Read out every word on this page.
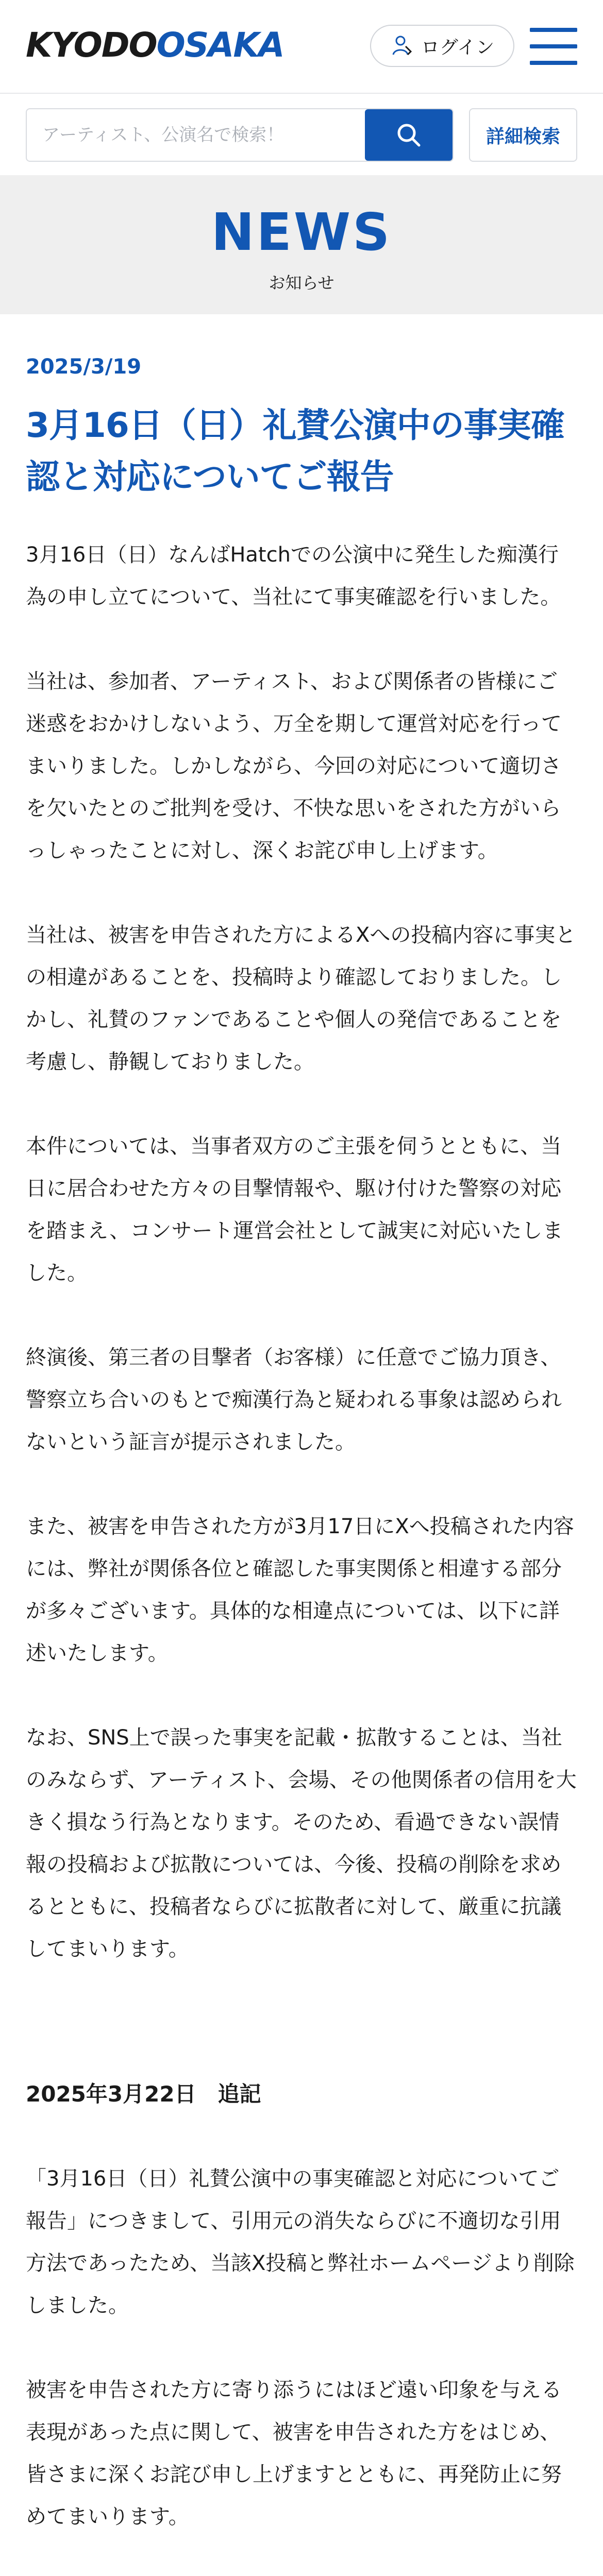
KYODOOSAKA	ログイン
アーティスト、公演名で検索！
詳細検索
NEWS
お知らせ
2025/3/19
3月16日（日）礼賛公演中の事実確認と対応についてご報告

3月16日（日）なんばHatchでの公演中に発生した痴漢行為の申し立てについて、当社にて事実確認を行いました。

当社は、参加者、アーティスト、および関係者の皆様にご迷惑をおかけしないよう、万全を期して運営対応を行ってまいりました。しかしながら、今回の対応について適切さを欠いたとのご批判を受け、不快な思いをされた方がいらっしゃったことに対し、深くお詫び申し上げます。

当社は、被害を申告された方によるXへの投稿内容に事実との相違があることを、投稿時より確認しておりました。しかし、礼賛のファンであることや個人の発信であることを考慮し、静観しておりました。

本件については、当事者双方のご主張を伺うとともに、当日に居合わせた方々の目撃情報や、駆け付けた警察の対応を踏まえ、コンサート運営会社として誠実に対応いたしました。

終演後、第三者の目撃者（お客様）に任意でご協力頂き、警察立ち合いのもとで痴漢行為と疑われる事象は認められないという証言が提示されました。

また、被害を申告された方が3月17日にXへ投稿された内容には、弊社が関係各位と確認した事実関係と相違する部分が多々ございます。具体的な相違点については、以下に詳述いたします。

なお、SNS上で誤った事実を記載・拡散することは、当社のみならず、アーティスト、会場、その他関係者の信用を大きく損なう行為となります。そのため、看過できない誤情報の投稿および拡散については、今後、投稿の削除を求めるとともに、投稿者ならびに拡散者に対して、厳重に抗議してまいります。

2025年3月22日　追記

「3月16日（日）礼賛公演中の事実確認と対応についてご報告」につきまして、引用元の消失ならびに不適切な引用方法であったため、当該X投稿と弊社ホームページより削除しました。

被害を申告された方に寄り添うにはほど遠い印象を与える表現があった点に関して、被害を申告された方をはじめ、皆さまに深くお詫び申し上げますとともに、再発防止に努めてまいります。
